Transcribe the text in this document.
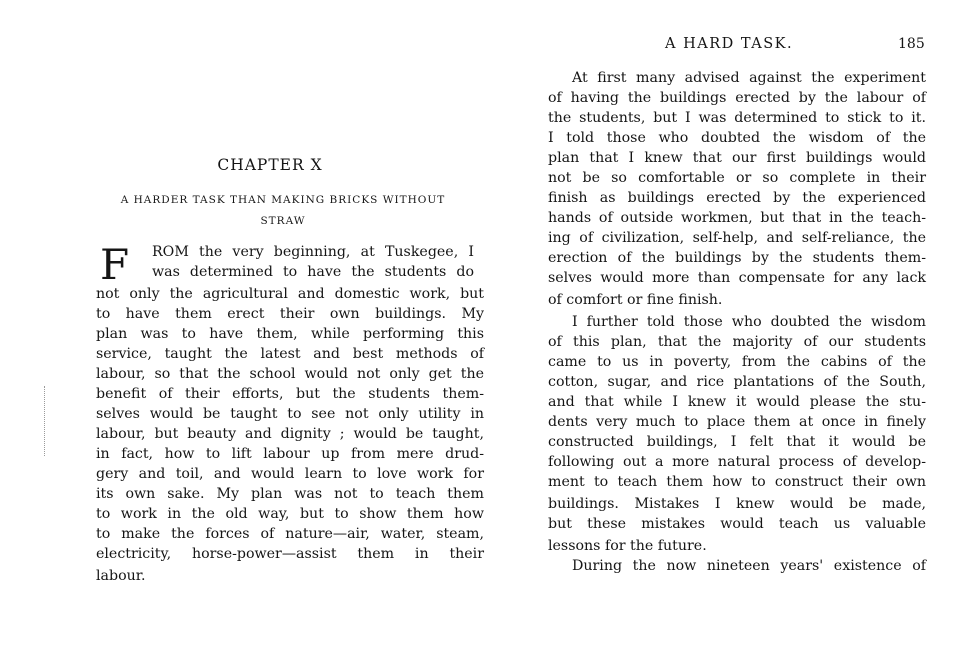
CHAPTER X
A HARDER TASK THAN MAKING BRICKS WITHOUT
STRAW
F ROM the very beginning, at Tuskegee, I
was determined to have the students do
not only the agricultural and domestic work, but
to have them erect their own buildings. My
plan was to have them, while performing this
service, taught the latest and best methods of
labour, so that the school would not only get the
benefit of their efforts, but the students them-
selves would be taught to see not only utility in
labour, but beauty and dignity ; would be taught,
in fact, how to lift labour up from mere drud-
gery and toil, and would learn to love work for
its own sake. My plan was not to teach them
to work in the old way, but to show them how
to make the forces of nature—air, water, steam,
electricity, horse-power—assist them in their
labour.
A HARD TASK.	185
At first many advised against the experiment
of having the buildings erected by the labour of
the students, but I was determined to stick to it.
I told those who doubted the wisdom of the
plan that I knew that our first buildings would
not be so comfortable or so complete in their
finish as buildings erected by the experienced
hands of outside workmen, but that in the teach-
ing of civilization, self-help, and self-reliance, the
erection of the buildings by the students them-
selves would more than compensate for any lack
of comfort or fine finish.
I further told those who doubted the wisdom
of this plan, that the majority of our students
came to us in poverty, from the cabins of the
cotton, sugar, and rice plantations of the South,
and that while I knew it would please the stu-
dents very much to place them at once in finely
constructed buildings, I felt that it would be
following out a more natural process of develop-
ment to teach them how to construct their own
buildings. Mistakes I knew would be made,
but these mistakes would teach us valuable
lessons for the future.
During the now nineteen years' existence of
